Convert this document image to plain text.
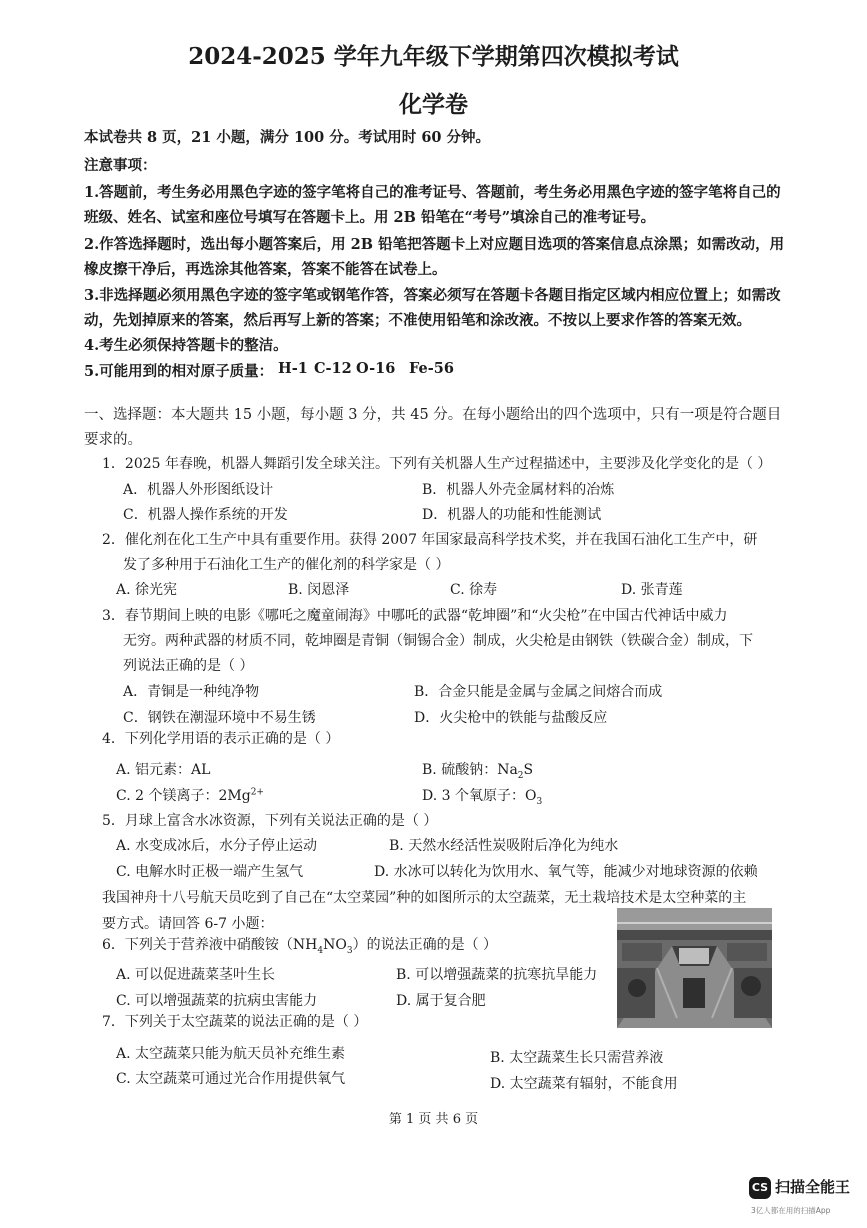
2024-2025 学年九年级下学期第四次模拟考试
化学卷
本试卷共 8 页，21 小题，满分 100 分。考试用时 60 分钟。
注意事项：
1.答题前，考生务必用黑色字迹的签字笔将自己的准考证号、答题前，考生务必用黑色字迹的签字笔将自己的
班级、姓名、试室和座位号填写在答题卡上。用 2B 铅笔在“考号”填涂自己的准考证号。
2.作答选择题时，选出每小题答案后，用 2B 铅笔把答题卡上对应题目选项的答案信息点涂黑；如需改动，用
橡皮擦干净后，再选涂其他答案，答案不能答在试卷上。
3.非选择题必须用黑色字迹的签字笔或钢笔作答，答案必须写在答题卡各题目指定区域内相应位置上；如需改
动，先划掉原来的答案，然后再写上新的答案；不准使用铅笔和涂改液。不按以上要求作答的答案无效。
4.考生必须保持答题卡的整洁。
5.可能用到的相对原子质量： H-1 C-12 O-16 Fe-56
一、选择题：本大题共 15 小题，每小题 3 分，共 45 分。在每小题给出的四个选项中，只有一项是符合题目
要求的。
1．2025 年春晚，机器人舞蹈引发全球关注。下列有关机器人生产过程描述中，主要涉及化学变化的是（ ）
A．机器人外形图纸设计	B．机器人外壳金属材料的冶炼
C．机器人操作系统的开发	D．机器人的功能和性能测试
2．催化剂在化工生产中具有重要作用。获得 2007 年国家最高科学技术奖，并在我国石油化工生产中，研
发了多种用于石油化工生产的催化剂的科学家是（ ）
A. 徐光宪	B. 闵恩泽	C. 徐寿	D. 张青莲
3．春节期间上映的电影《哪吒之魔童闹海》中哪吒的武器“乾坤圈”和“火尖枪”在中国古代神话中威力
无穷。两种武器的材质不同，乾坤圈是青铜（铜锡合金）制成，火尖枪是由钢铁（铁碳合金）制成，下
列说法正确的是（ ）
A．青铜是一种纯净物	B．合金只能是金属与金属之间熔合而成
C．钢铁在潮湿环境中不易生锈	D．火尖枪中的铁能与盐酸反应
4．下列化学用语的表示正确的是（ ）
A. 铝元素：AL	B. 硫酸钠：$Na_2S$
C. 2 个镁离子：$2Mg^{2+}$	D. 3 个氧原子：$O_3$
5．月球上富含水冰资源，下列有关说法正确的是（ ）
A. 水变成冰后，水分子停止运动	B. 天然水经活性炭吸附后净化为纯水
C. 电解水时正极一端产生氢气	D. 水冰可以转化为饮用水、氧气等，能减少对地球资源的依赖
我国神舟十八号航天员吃到了自己在“太空菜园”种的如图所示的太空蔬菜，无土栽培技术是太空种菜的主
要方式。请回答 6-7 小题：
6．下列关于营养液中硝酸铵$(NH_4NO_3)$的说法正确的是（ ）
A. 可以促进蔬菜茎叶生长	B. 可以增强蔬菜的抗寒抗旱能力
C. 可以增强蔬菜的抗病虫害能力	D. 属于复合肥
7．下列关于太空蔬菜的说法正确的是（ ）
A. 太空蔬菜只能为航天员补充维生素	B. 太空蔬菜生长只需营养液
C. 太空蔬菜可通过光合作用提供氧气	D. 太空蔬菜有辐射，不能食用
第 1 页 共 6 页
CS 扫描全能王
3亿人都在用的扫描App
